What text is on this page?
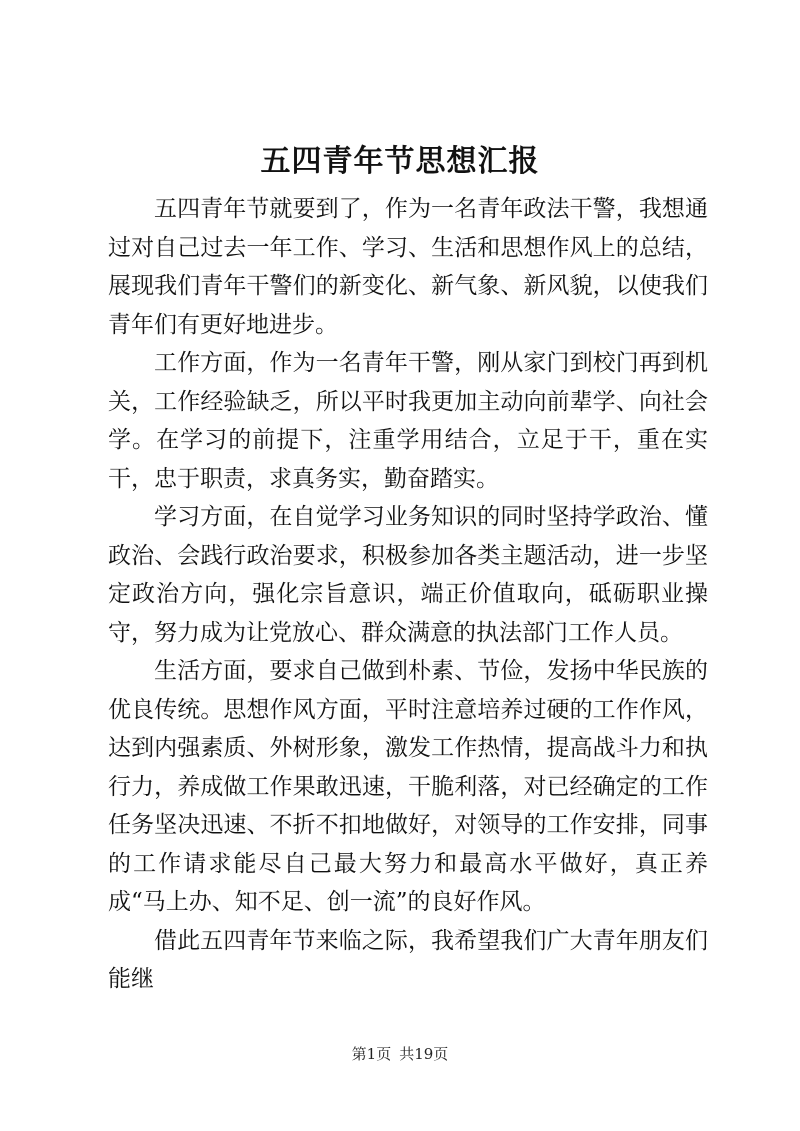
五四青年节思想汇报

五四青年节就要到了，作为一名青年政法干警，我想通过对自己过去一年工作、学习、生活和思想作风上的总结，展现我们青年干警们的新变化、新气象、新风貌，以使我们青年们有更好地进步。

工作方面，作为一名青年干警，刚从家门到校门再到机关，工作经验缺乏，所以平时我更加主动向前辈学、向社会学。在学习的前提下，注重学用结合，立足于干，重在实干，忠于职责，求真务实，勤奋踏实。

学习方面，在自觉学习业务知识的同时坚持学政治、懂政治、会践行政治要求，积极参加各类主题活动，进一步坚定政治方向，强化宗旨意识，端正价值取向，砥砺职业操守，努力成为让党放心、群众满意的执法部门工作人员。

生活方面，要求自己做到朴素、节俭，发扬中华民族的优良传统。思想作风方面，平时注意培养过硬的工作作风，达到内强素质、外树形象，激发工作热情，提高战斗力和执行力，养成做工作果敢迅速，干脆利落，对已经确定的工作任务坚决迅速、不折不扣地做好，对领导的工作安排，同事的工作请求能尽自己最大努力和最高水平做好，真正养成“马上办、知不足、创一流”的良好作风。

借此五四青年节来临之际，我希望我们广大青年朋友们能继

第1页 共19页
